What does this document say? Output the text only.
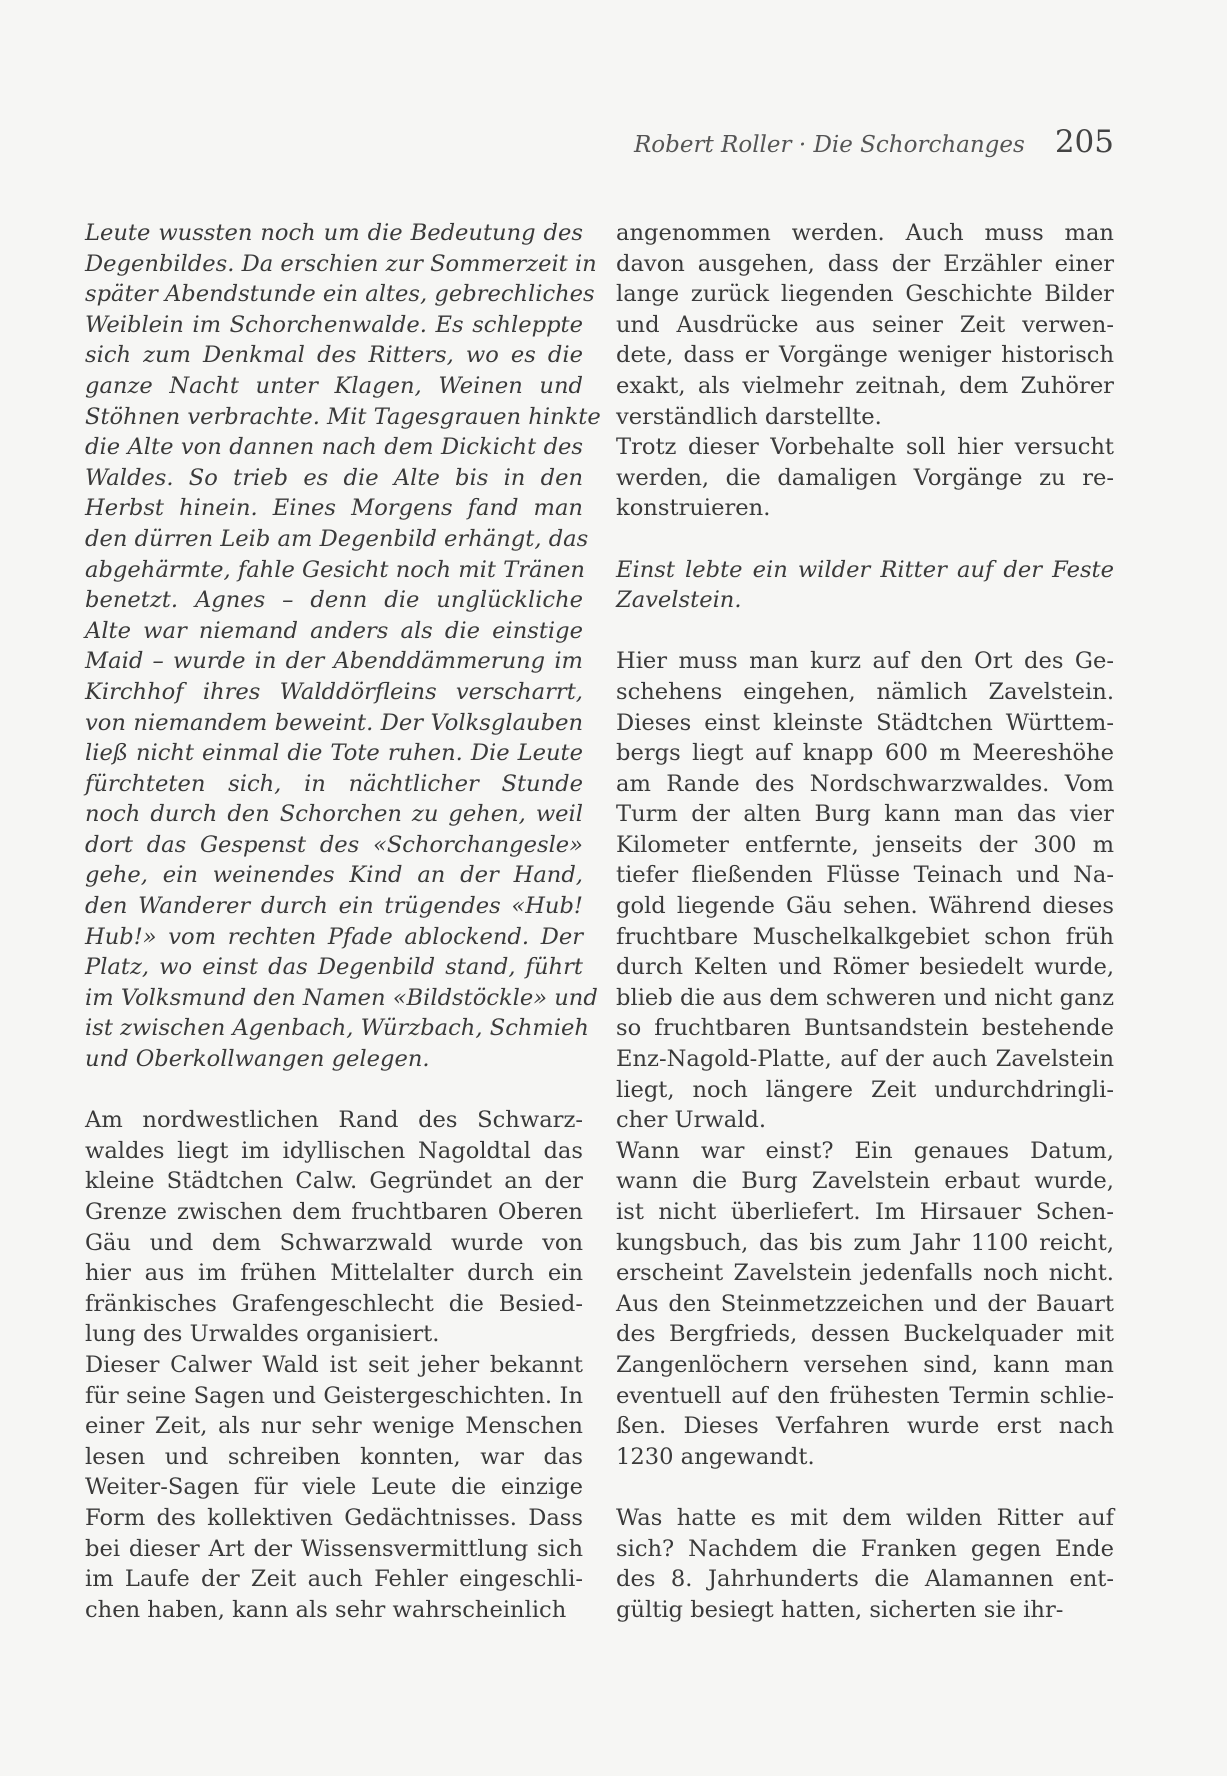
Robert Roller · Die Schorchanges 205

Leute wussten noch um die Bedeutung des
Degenbildes. Da erschien zur Sommerzeit in
später Abendstunde ein altes, gebrechliches
Weiblein im Schorchenwalde. Es schleppte
sich zum Denkmal des Ritters, wo es die
ganze Nacht unter Klagen, Weinen und
Stöhnen verbrachte. Mit Tagesgrauen hinkte
die Alte von dannen nach dem Dickicht des
Waldes. So trieb es die Alte bis in den
Herbst hinein. Eines Morgens fand man
den dürren Leib am Degenbild erhängt, das
abgehärmte, fahle Gesicht noch mit Tränen
benetzt. Agnes – denn die unglückliche
Alte war niemand anders als die einstige
Maid – wurde in der Abenddämmerung im
Kirchhof ihres Walddörfleins verscharrt,
von niemandem beweint. Der Volksglauben
ließ nicht einmal die Tote ruhen. Die Leute
fürchteten sich, in nächtlicher Stunde
noch durch den Schorchen zu gehen, weil
dort das Gespenst des «Schorchangesle»
gehe, ein weinendes Kind an der Hand,
den Wanderer durch ein trügendes «Hub!
Hub!» vom rechten Pfade ablockend. Der
Platz, wo einst das Degenbild stand, führt
im Volksmund den Namen «Bildstöckle» und
ist zwischen Agenbach, Würzbach, Schmieh
und Oberkollwangen gelegen.

Am nordwestlichen Rand des Schwarz-
waldes liegt im idyllischen Nagoldtal das
kleine Städtchen Calw. Gegründet an der
Grenze zwischen dem fruchtbaren Oberen
Gäu und dem Schwarzwald wurde von
hier aus im frühen Mittelalter durch ein
fränkisches Grafengeschlecht die Besied-
lung des Urwaldes organisiert.

Dieser Calwer Wald ist seit jeher bekannt
für seine Sagen und Geistergeschichten. In
einer Zeit, als nur sehr wenige Menschen
lesen und schreiben konnten, war das
Weiter-Sagen für viele Leute die einzige
Form des kollektiven Gedächtnisses. Dass
bei dieser Art der Wissensvermittlung sich
im Laufe der Zeit auch Fehler eingeschli-
chen haben, kann als sehr wahrscheinlich

angenommen werden. Auch muss man
davon ausgehen, dass der Erzähler einer
lange zurück liegenden Geschichte Bilder
und Ausdrücke aus seiner Zeit verwen-
dete, dass er Vorgänge weniger historisch
exakt, als vielmehr zeitnah, dem Zuhörer
verständlich darstellte.

Trotz dieser Vorbehalte soll hier versucht
werden, die damaligen Vorgänge zu re-
konstruieren.

Einst lebte ein wilder Ritter auf der Feste
Zavelstein.

Hier muss man kurz auf den Ort des Ge-
schehens eingehen, nämlich Zavelstein.
Dieses einst kleinste Städtchen Württem-
bergs liegt auf knapp 600 m Meereshöhe
am Rande des Nordschwarzwaldes. Vom
Turm der alten Burg kann man das vier
Kilometer entfernte, jenseits der 300 m
tiefer fließenden Flüsse Teinach und Na-
gold liegende Gäu sehen. Während dieses
fruchtbare Muschelkalkgebiet schon früh
durch Kelten und Römer besiedelt wurde,
blieb die aus dem schweren und nicht ganz
so fruchtbaren Buntsandstein bestehende
Enz-Nagold-Platte, auf der auch Zavelstein
liegt, noch längere Zeit undurchdringli-
cher Urwald.

Wann war einst? Ein genaues Datum,
wann die Burg Zavelstein erbaut wurde,
ist nicht überliefert. Im Hirsauer Schen-
kungsbuch, das bis zum Jahr 1100 reicht,
erscheint Zavelstein jedenfalls noch nicht.
Aus den Steinmetzzeichen und der Bauart
des Bergfrieds, dessen Buckelquader mit
Zangenlöchern versehen sind, kann man
eventuell auf den frühesten Termin schlie-
ßen. Dieses Verfahren wurde erst nach
1230 angewandt.

Was hatte es mit dem wilden Ritter auf
sich? Nachdem die Franken gegen Ende
des 8. Jahrhunderts die Alamannen ent-
gültig besiegt hatten, sicherten sie ihr-
